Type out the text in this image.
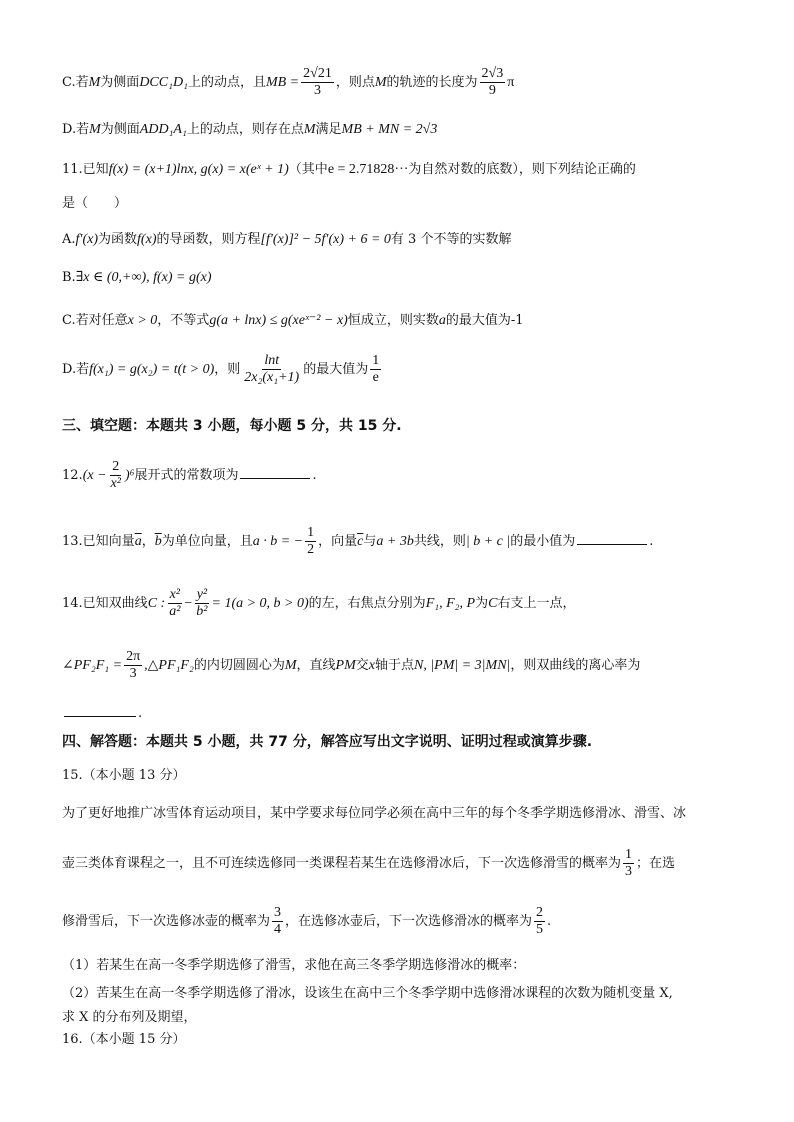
C.若M为侧面DCC₁D₁上的动点，且MB = $\frac{2√21}{3}$ ，则点M的轨迹的长度为 $\frac{2√3}{9}$ π
D.若M为侧面ADD₁A₁上的动点，则存在点M满足MB + MN = 2√3
11.已知f(x) = (x+1)lnx, g(x) = x(eˣ + 1)（其中e = 2.71828···为自然对数的底数），则下列结论正确的
是（　　）
A.f′(x)为函数f(x)的导函数，则方程[f′(x)]² − 5f′(x) + 6 = 0有 3 个不等的实数解
B.∃x ∈ (0,+∞), f(x) = g(x)
C.若对任意x > 0，不等式g(a + lnx) ≤ g(xeˣ⁻² − x)恒成立，则实数a的最大值为-1
D.若f(x₁) = g(x₂) = t(t > 0)，则 $\frac{\ln t}{\text{2x₂(x₁+1)}}$ 的最大值为 $\frac{1}{e}$
三、填空题：本题共 3 小题，每小题 5 分，共 15 分.
$12.(x - \frac{2}{\text{x²}} )^6$展开式的常数项为	.
13.已知向量$\overline{a}$，$\overline{b}$为单位向量，且a · b = − $\frac{1}{2}$ ，向量$\overline{c}$与a + 3b共线，则| b + c |的最小值为	.
14.已知双曲线C : $\frac{\text{x²}}{\text{a²}} - \frac{\text{y²}}{\text{b²}} = 1(a > 0$, b > 0)的左，右焦点分别为F₁, F₂, P为C右支上一点，
∠PF₂F₁ = $\frac{2\pi}{3}$ ,△PF₁F₂的内切圆圆心为M，直线PM交x轴于点N, |PM| = 3|MN|，则双曲线的离心率为
.
四、解答题：本题共 5 小题，共 77 分，解答应写出文字说明、证明过程或演算步骤.
15.（本小题 13 分）
为了更好地推广冰雪体育运动项目，某中学要求每位同学必须在高中三年的每个冬季学期选修滑冰、滑雪、冰
壶三类体育课程之一，且不可连续选修同一类课程若某生在选修滑冰后，下一次选修滑雪的概率为 $\frac{1}{3}$ ；在选
修滑雪后，下一次选修冰壶的概率为 $\frac{3}{4}$ ，在选修冰壶后，下一次选修滑冰的概率为 $\frac{2}{5}$ .
（1）若某生在高一冬季学期选修了滑雪，求他在高三冬季学期选修滑冰的概率：
（2）苦某生在高一冬季学期选修了滑冰，设该生在高中三个冬季学期中选修滑冰课程的次数为随机变量 X,
求 X 的分布列及期望，
16.（本小题 15 分）
